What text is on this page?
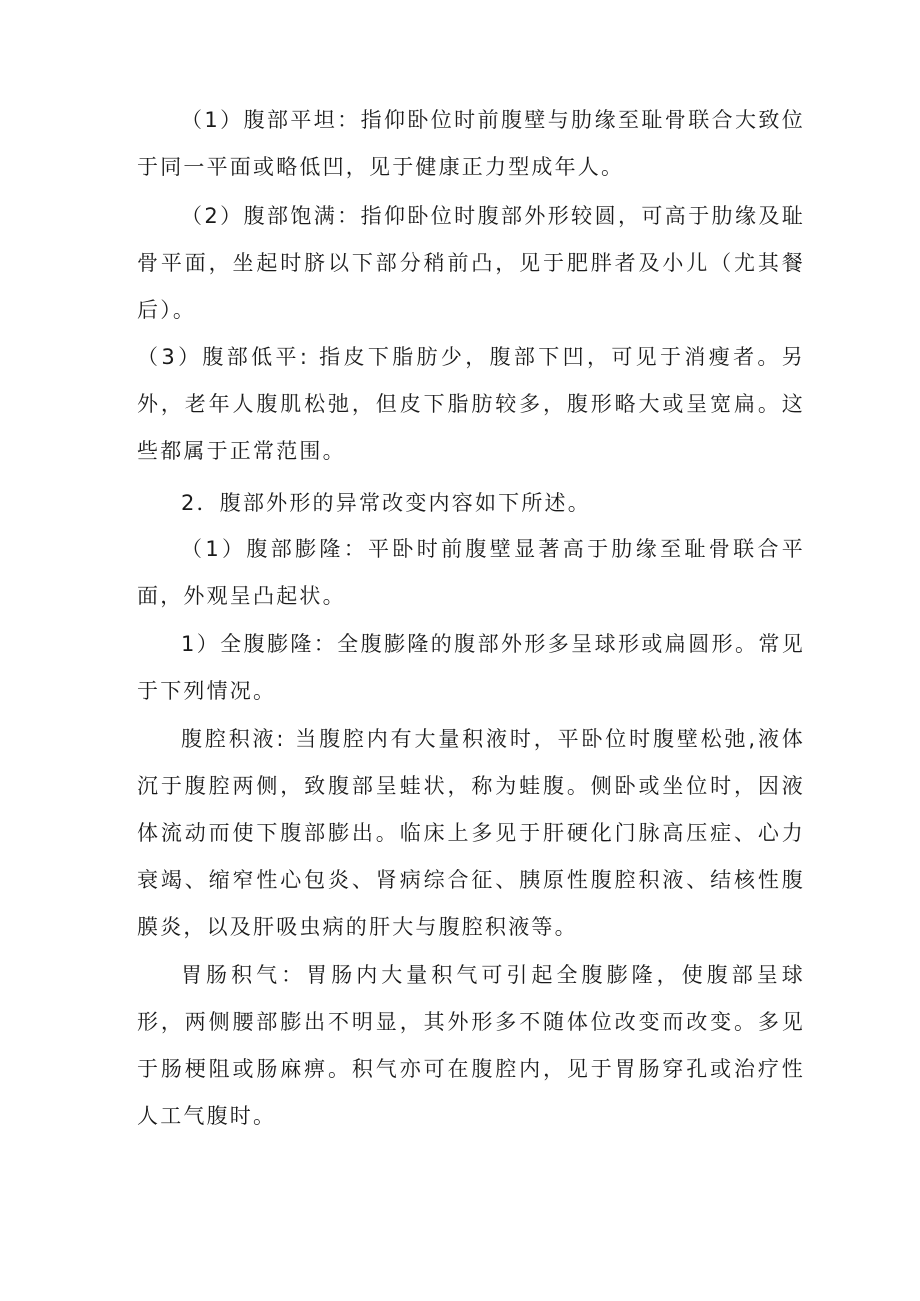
（1）腹部平坦：指仰卧位时前腹壁与肋缘至耻骨联合大致位于同一平面或略低凹，见于健康正力型成年人。

（2）腹部饱满：指仰卧位时腹部外形较圆，可高于肋缘及耻骨平面，坐起时脐以下部分稍前凸，见于肥胖者及小儿（尤其餐后）。

（3）腹部低平: 指皮下脂肪少，腹部下凹，可见于消瘦者。另外，老年人腹肌松弛，但皮下脂肪较多，腹形略大或呈宽扁。这些都属于正常范围。

2．腹部外形的异常改变内容如下所述。

（1）腹部膨隆：平卧时前腹壁显著高于肋缘至耻骨联合平面，外观呈凸起状。

1）全腹膨隆：全腹膨隆的腹部外形多呈球形或扁圆形。常见于下列情况。

腹腔积液: 当腹腔内有大量积液时，平卧位时腹壁松弛,液体沉于腹腔两侧，致腹部呈蛙状，称为蛙腹。侧卧或坐位时，因液体流动而使下腹部膨出。临床上多见于肝硬化门脉高压症、心力衰竭、缩窄性心包炎、肾病综合征、胰原性腹腔积液、结核性腹膜炎，以及肝吸虫病的肝大与腹腔积液等。

胃肠积气：胃肠内大量积气可引起全腹膨隆，使腹部呈球形，两侧腰部膨出不明显，其外形多不随体位改变而改变。多见于肠梗阻或肠麻痹。积气亦可在腹腔内，见于胃肠穿孔或治疗性人工气腹时。
